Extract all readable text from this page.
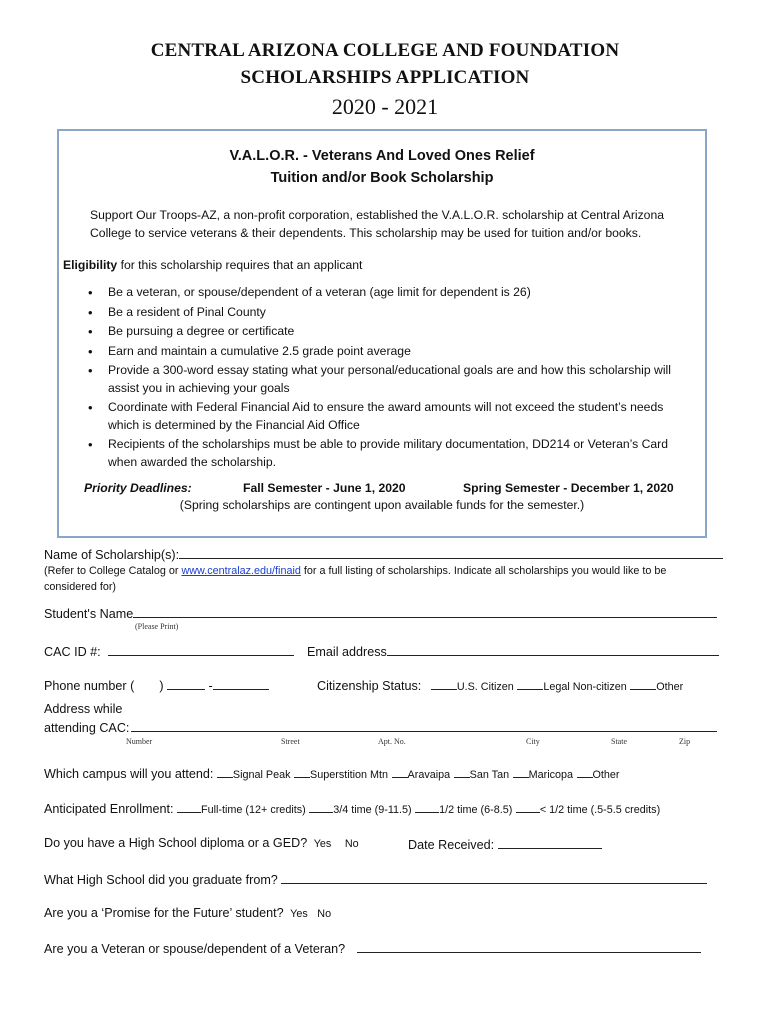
CENTRAL ARIZONA COLLEGE AND FOUNDATION
SCHOLARSHIPS APPLICATION
2020 - 2021
V.A.L.O.R. - Veterans And Loved Ones Relief
Tuition and/or Book Scholarship
Support Our Troops-AZ, a non-profit corporation, established the V.A.L.O.R. scholarship at Central Arizona
College to service veterans & their dependents. This scholarship may be used for tuition and/or books.
Eligibility for this scholarship requires that an applicant
• Be a veteran, or spouse/dependent of a veteran (age limit for dependent is 26)
• Be a resident of Pinal County
• Be pursuing a degree or certificate
• Earn and maintain a cumulative 2.5 grade point average
• Provide a 300-word essay stating what your personal/educational goals are and how this scholarship will assist you in achieving your goals
• Coordinate with Federal Financial Aid to ensure the award amounts will not exceed the student’s needs which is determined by the Financial Aid Office
• Recipients of the scholarships must be able to provide military documentation, DD214 or Veteran’s Card when awarded the scholarship.
Priority Deadlines:	Fall Semester - June 1, 2020	Spring Semester - December 1, 2020
(Spring scholarships are contingent upon available funds for the semester.)
Name of Scholarship(s):
(Refer to College Catalog or www.centralaz.edu/finaid for a full listing of scholarships. Indicate all scholarships you would like to be
considered for)
Student's Name
(Please Print)
CAC ID #:	Email address
Phone number ( )	-	Citizenship Status:	U.S. Citizen	Legal Non-citizen	Other
Address while
attending CAC:
Number	Street	Apt. No.	City	State	Zip
Which campus will you attend: Signal Peak Superstition Mtn Aravaipa San Tan Maricopa Other
Anticipated Enrollment:	Full-time (12+ credits)	3/4 time (9-11.5)	1/2 time (6-8.5)	< 1/2 time (.5-5.5 credits)
Do you have a High School diploma or a GED? Yes No	Date Received:
What High School did you graduate from?
Are you a ‘Promise for the Future’ student? Yes No
Are you a Veteran or spouse/dependent of a Veteran?
